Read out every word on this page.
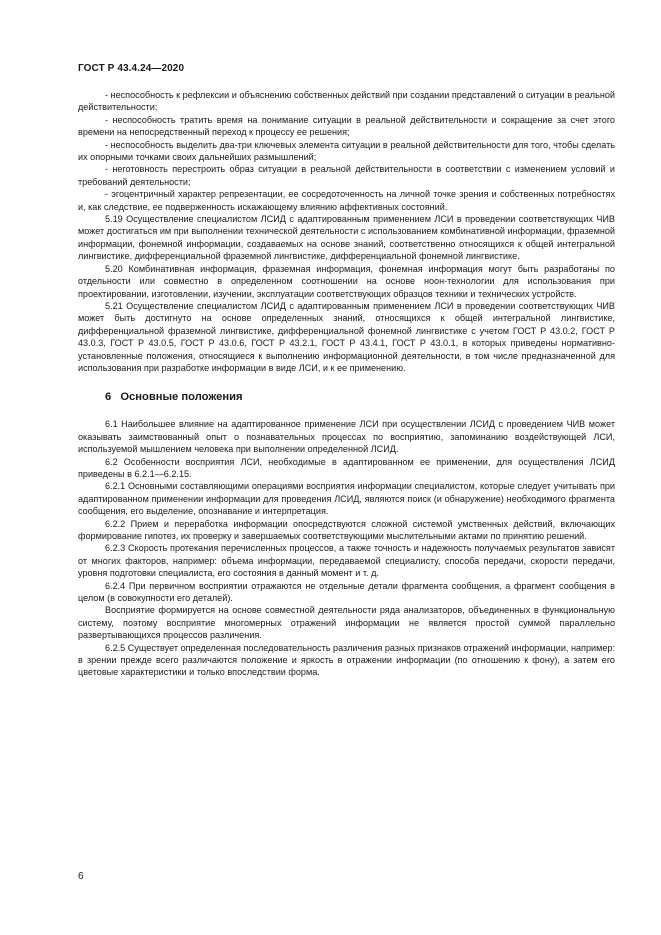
ГОСТ Р 43.4.24—2020

- неспособность к рефлексии и объяснению собственных действий при создании представлений о ситуации в реальной действительности;

- неспособность тратить время на понимание ситуации в реальной действительности и сокращение за счет этого времени на непосредственный переход к процессу ее решения;

- неспособность выделить два-три ключевых элемента ситуации в реальной действительности для того, чтобы сделать их опорными точками своих дальнейших размышлений;

- неготовность перестроить образ ситуации в реальной действительности в соответствии с изменением условий и требований деятельности;

- эгоцентричный характер репрезентации, ее сосредоточенность на личной точке зрения и собственных потребностях и, как следствие, ее подверженность искажающему влиянию аффективных состояний.

5.19 Осуществление специалистом ЛСИД с адаптированным применением ЛСИ в проведении соответствующих ЧИВ может достигаться им при выполнении технической деятельности с использованием комбинативной информации, фраземной информации, фонемной информации, создаваемых на основе знаний, соответственно относящихся к общей интегральной лингвистике, дифференциальной фраземной лингвистике, дифференциальной фонемной лингвистике.

5.20 Комбинативная информация, фраземная информация, фонемная информация могут быть разработаны по отдельности или совместно в определенном соотношении на основе ноон-технологии для использования при проектировании, изготовлении, изучении, эксплуатации соответствующих образцов техники и технических устройств.

5.21 Осуществление специалистом ЛСИД с адаптированным применением ЛСИ в проведении соответствующих ЧИВ может быть достигнуто на основе определенных знаний, относящихся к общей интегральной лингвистике, дифференциальной фраземной лингвистике, дифференциальной фонемной лингвистике с учетом ГОСТ Р 43.0.2, ГОСТ Р 43.0.3, ГОСТ Р 43.0.5, ГОСТ Р 43.0.6, ГОСТ Р 43.2.1, ГОСТ Р 43.4.1, ГОСТ Р 43.0.1, в которых приведены нормативно-установленные положения, относящиеся к выполнению информационной деятельности, в том числе предназначенной для использования при разработке информации в виде ЛСИ, и к ее применению.

6 Основные положения

6.1 Наибольшее влияние на адаптированное применение ЛСИ при осуществлении ЛСИД с проведением ЧИВ может оказывать заимствованный опыт о познавательных процессах по восприятию, запоминанию воздействующей ЛСИ, используемой мышлением человека при выполнении определенной ЛСИД.

6.2 Особенности восприятия ЛСИ, необходимые в адаптированном ее применении, для осуществления ЛСИД приведены в 6.2.1—6.2.15.

6.2.1 Основными составляющими операциями восприятия информации специалистом, которые следует учитывать при адаптированном применении информации для проведения ЛСИД, являются поиск (и обнаружение) необходимого фрагмента сообщения, его выделение, опознавание и интерпретация.

6.2.2 Прием и переработка информации опосредствуются сложной системой умственных действий, включающих формирование гипотез, их проверку и завершаемых соответствующими мыслительными актами по принятию решений.

6.2.3 Скорость протекания перечисленных процессов, а также точность и надежность получаемых результатов зависят от многих факторов, например: объема информации, передаваемой специалисту, способа передачи, скорости передачи, уровня подготовки специалиста, его состояния в данный момент и т. д.

6.2.4 При первичном восприятии отражаются не отдельные детали фрагмента сообщения, а фрагмент сообщения в целом (в совокупности его деталей).

Восприятие формируется на основе совместной деятельности ряда анализаторов, объединенных в функциональную систему, поэтому восприятие многомерных отражений информации не является простой суммой параллельно развертывающихся процессов различения.

6.2.5 Существует определенная последовательность различения разных признаков отражений информации, например: в зрении прежде всего различаются положение и яркость в отражении информации (по отношению к фону), а затем его цветовые характеристики и только впоследствии форма.

6
